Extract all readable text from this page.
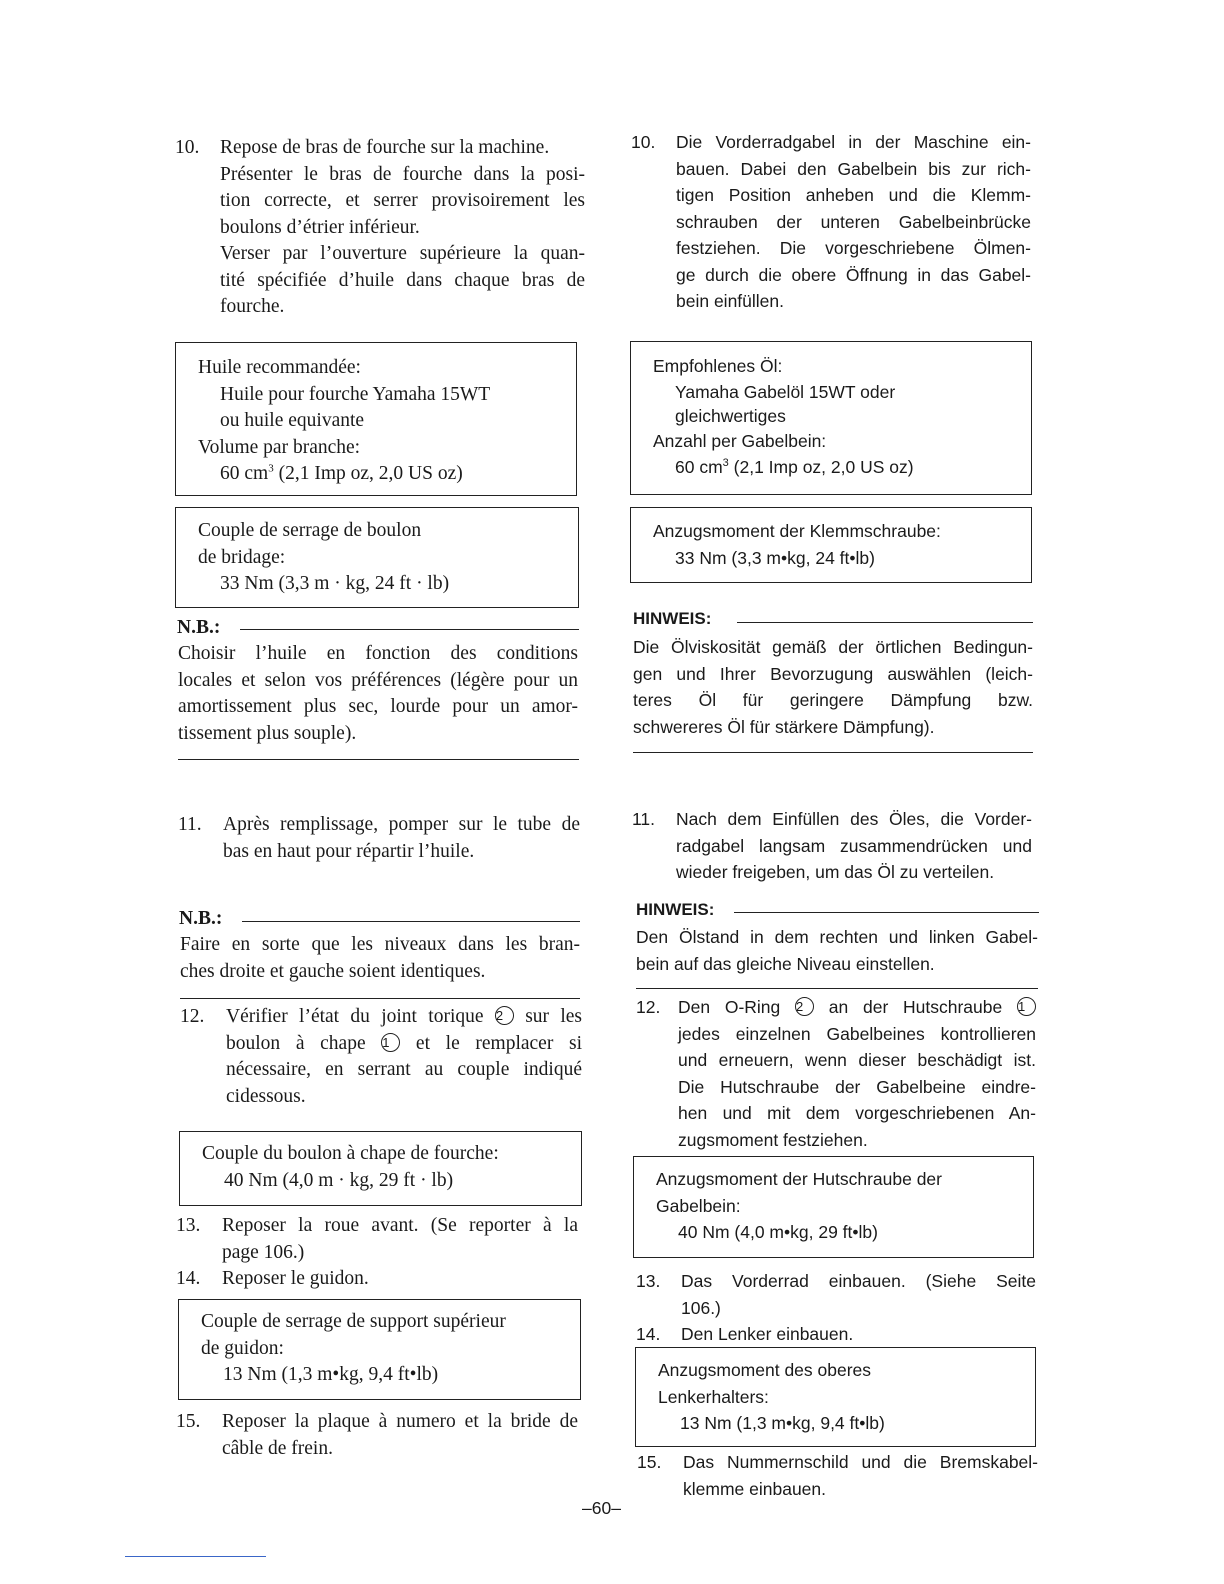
10. Repose de bras de fourche sur la machine.
Présenter le bras de fourche dans la posi-
tion correcte, et serrer provisoirement les
boulons d’étrier inférieur.
Verser par l’ouverture supérieure la quan-
tité spécifiée d’huile dans chaque bras de
fourche.
Huile recommandée:
Huile pour fourche Yamaha 15WT
ou huile equivante
Volume par branche:
60 $cm^3$ (2,1 Imp oz, 2,0 US oz)
Couple de serrage de boulon
de bridage:
33 Nm (3,3 m · kg, 24 ft · lb)
N.B.:
Choisir l’huile en fonction des conditions
locales et selon vos préférences (légère pour un
amortissement plus sec, lourde pour un amor-
tissement plus souple).
11. Après remplissage, pomper sur le tube de
bas en haut pour répartir l’huile.
N.B.:
Faire en sorte que les niveaux dans les bran-
ches droite et gauche soient identiques.
12. Vérifier l’état du joint torique 2 sur les
boulon à chape 1 et le remplacer si
nécessaire, en serrant au couple indiqué
cidessous.
Couple du boulon à chape de fourche:
40 Nm (4,0 m · kg, 29 ft · lb)
13. Reposer la roue avant. (Se reporter à la
page 106.)
14. Reposer le guidon.
Couple de serrage de support supérieur
de guidon:
13 Nm (1,3 m•kg, 9,4 ft•lb)
15. Reposer la plaque à numero et la bride de
câble de frein.
10. Die Vorderradgabel in der Maschine ein-
bauen. Dabei den Gabelbein bis zur rich-
tigen Position anheben und die Klemm-
schrauben der unteren Gabelbeinbrücke
festziehen. Die vorgeschriebene Ölmen-
ge durch die obere Öffnung in das Gabel-
bein einfüllen.
Empfohlenes Öl:
Yamaha Gabelöl 15WT oder
gleichwertiges
Anzahl per Gabelbein:
60 $cm^3$ (2,1 Imp oz, 2,0 US oz)
Anzugsmoment der Klemmschraube:
33 Nm (3,3 m•kg, 24 ft•lb)
HINWEIS:
Die Ölviskosität gemäß der örtlichen Bedingun-
gen und Ihrer Bevorzugung auswählen (leich-
teres Öl für geringere Dämpfung bzw.
schwereres Öl für stärkere Dämpfung).
11. Nach dem Einfüllen des Öles, die Vorder-
radgabel langsam zusammendrücken und
wieder freigeben, um das Öl zu verteilen.
HINWEIS:
Den Ölstand in dem rechten und linken Gabel-
bein auf das gleiche Niveau einstellen.
12. Den O-Ring 2 an der Hutschraube 1
jedes einzelnen Gabelbeines kontrollieren
und erneuern, wenn dieser beschädigt ist.
Die Hutschraube der Gabelbeine eindre-
hen und mit dem vorgeschriebenen An-
zugsmoment festziehen.
Anzugsmoment der Hutschraube der
Gabelbein:
40 Nm (4,0 m•kg, 29 ft•lb)
13. Das Vorderrad einbauen. (Siehe Seite
106.)
14. Den Lenker einbauen.
Anzugsmoment des oberes
Lenkerhalters:
13 Nm (1,3 m•kg, 9,4 ft•lb)
15. Das Nummernschild und die Bremskabel-
klemme einbauen.
–60–
